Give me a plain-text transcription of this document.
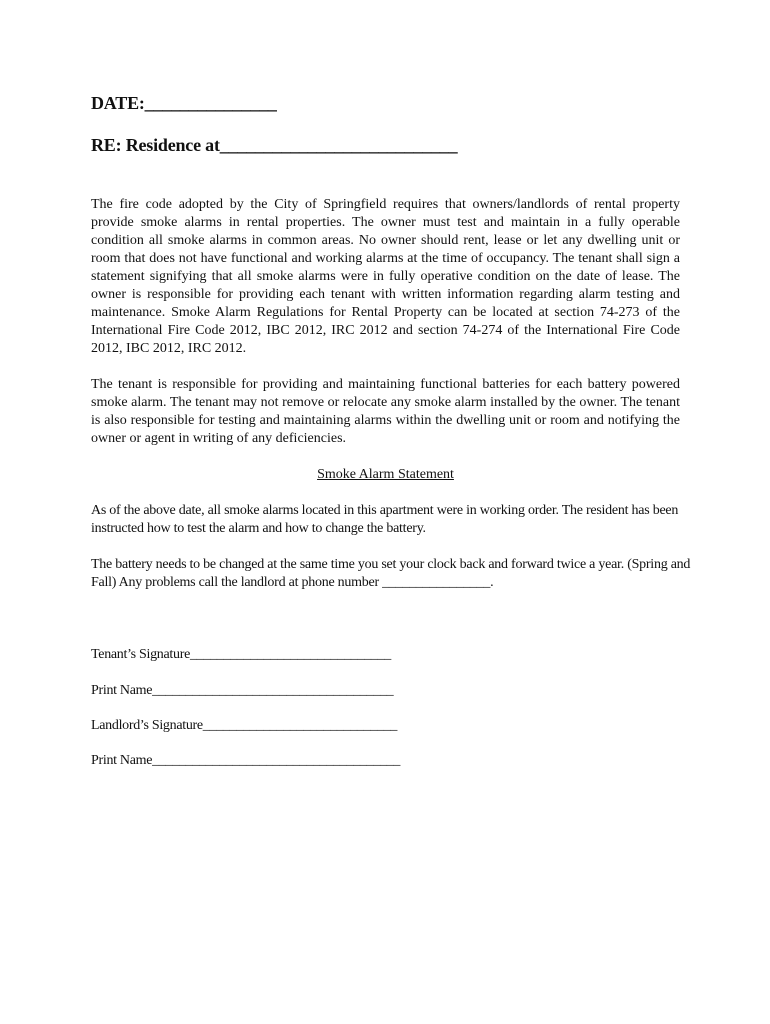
DATE:_______________
RE: Residence at___________________________
The fire code adopted by the City of Springfield requires that owners/landlords of rental property provide smoke alarms in rental properties. The owner must test and maintain in a fully operable condition all smoke alarms in common areas. No owner should rent, lease or let any dwelling unit or room that does not have functional and working alarms at the time of occupancy. The tenant shall sign a statement signifying that all smoke alarms were in fully operative condition on the date of lease. The owner is responsible for providing each tenant with written information regarding alarm testing and maintenance. Smoke Alarm Regulations for Rental Property can be located at section 74-273 of the International Fire Code 2012, IBC 2012, IRC 2012 and section 74-274 of the International Fire Code 2012, IBC 2012, IRC 2012.
The tenant is responsible for providing and maintaining functional batteries for each battery powered smoke alarm. The tenant may not remove or relocate any smoke alarm installed by the owner. The tenant is also responsible for testing and maintaining alarms within the dwelling unit or room and notifying the owner or agent in writing of any deficiencies.
Smoke Alarm Statement
As of the above date, all smoke alarms located in this apartment were in working order. The resident has been instructed how to test the alarm and how to change the battery.
The battery needs to be changed at the same time you set your clock back and forward twice a year. (Spring and Fall) Any problems call the landlord at phone number ________________.
Tenant’s Signature______________________________
Print Name____________________________________
Landlord’s Signature_____________________________
Print Name_____________________________________
